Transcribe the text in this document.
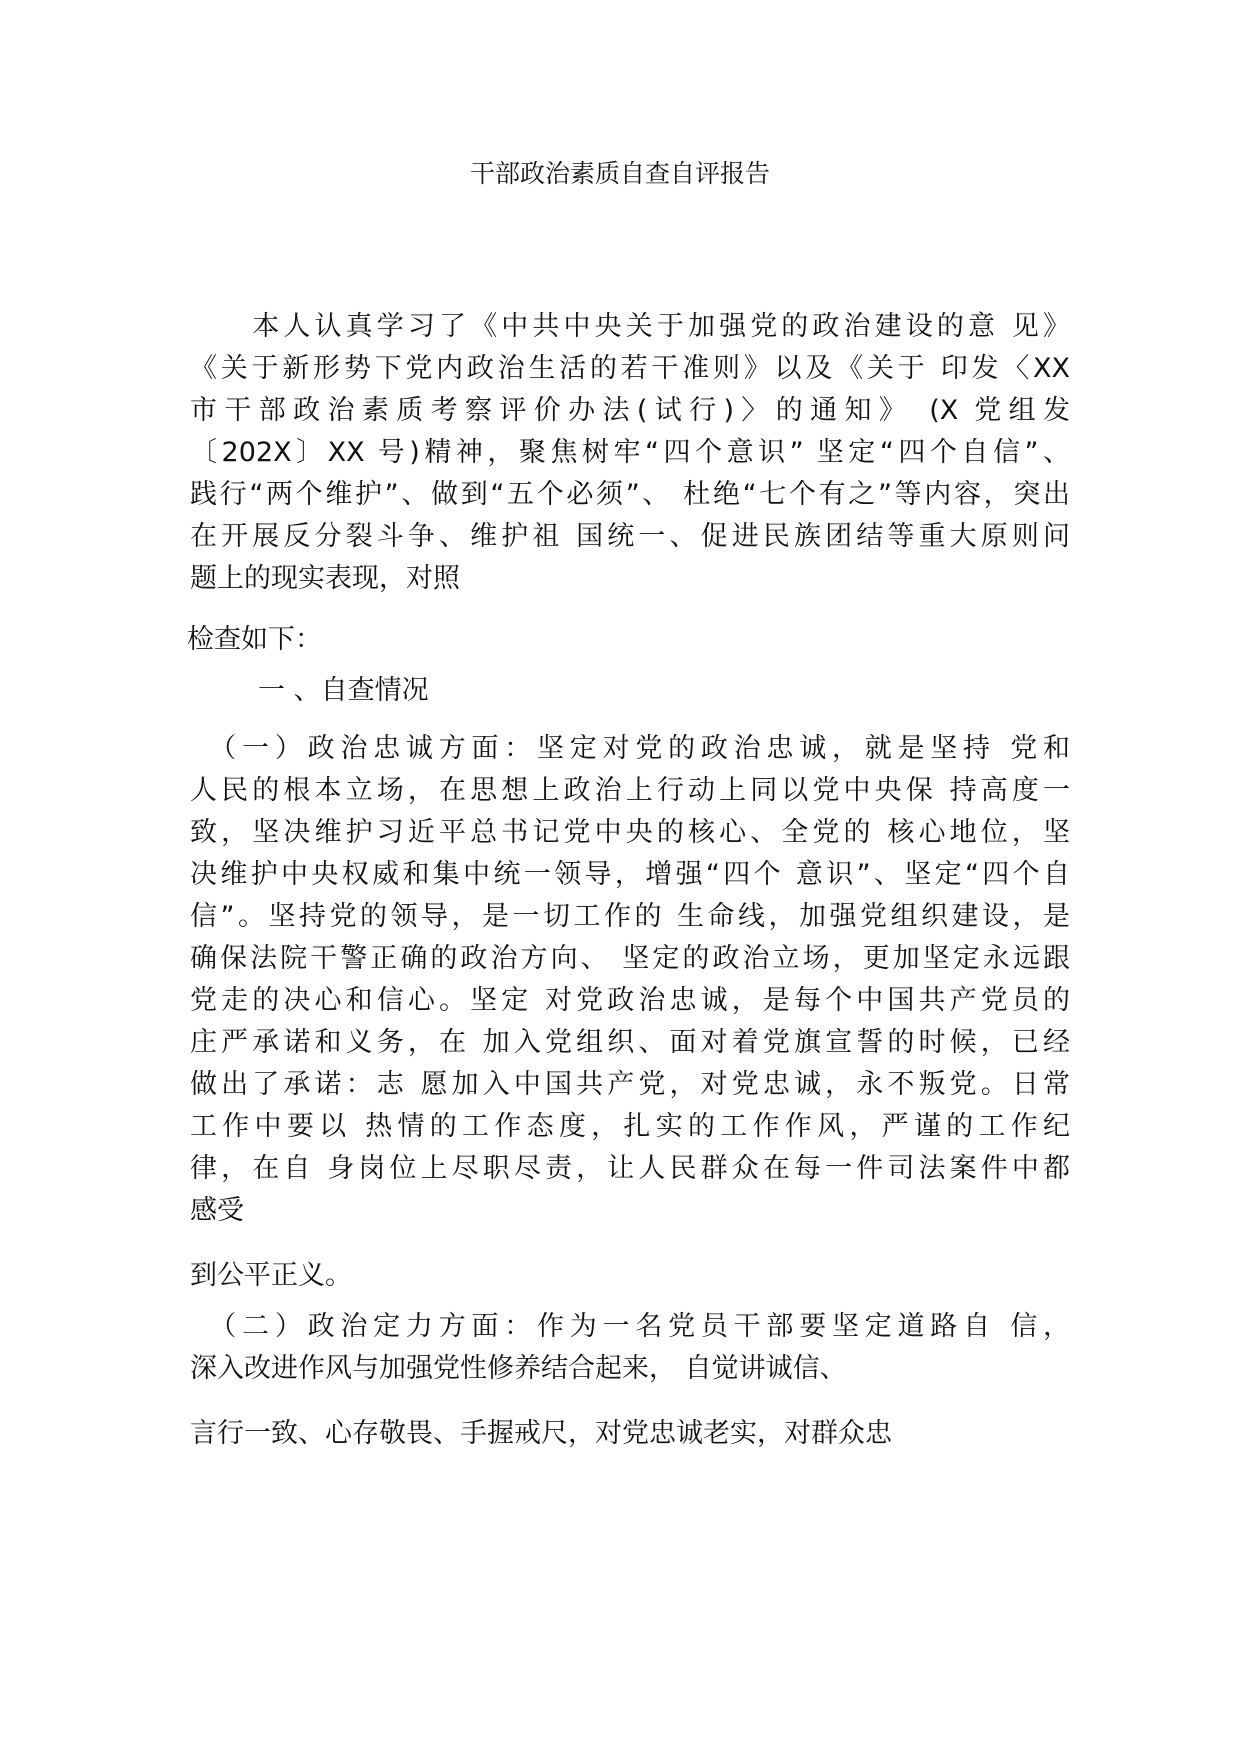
干部政治素质自查自评报告
　　本人认真学习了《中共中央关于加强党的政治建设的意 见》
《关于新形势下党内政治生活的若干准则》以及《关于 印发〈XX
市干部政治素质考察评价办法(试行)〉的通知》 (X 党组发
〔202X〕XX 号)精神，聚焦树牢“四个意识” 坚定“四个自信”、
践行“两个维护”、做到“五个必须”、 杜绝“七个有之”等内容，突出
在开展反分裂斗争、维护祖 国统一、促进民族团结等重大原则问
题上的现实表现，对照
检查如下：
一 、自查情况
　（一）政治忠诚方面：坚定对党的政治忠诚，就是坚持 党和
人民的根本立场，在思想上政治上行动上同以党中央保 持高度一
致，坚决维护习近平总书记党中央的核心、全党的 核心地位，坚
决维护中央权威和集中统一领导，增强“四个 意识”、坚定“四个自
信”。坚持党的领导，是一切工作的 生命线，加强党组织建设，是
确保法院干警正确的政治方向、 坚定的政治立场，更加坚定永远跟
党走的决心和信心。坚定 对党政治忠诚，是每个中国共产党员的
庄严承诺和义务，在 加入党组织、面对着党旗宣誓的时候，已经
做出了承诺：志 愿加入中国共产党，对党忠诚，永不叛党。日常
工作中要以 热情的工作态度，扎实的工作作风，严谨的工作纪
律，在自 身岗位上尽职尽责，让人民群众在每一件司法案件中都
感受
到公平正义。
　（二）政治定力方面：作为一名党员干部要坚定道路自 信，
深入改进作风与加强党性修养结合起来， 自觉讲诚信、
言行一致、心存敬畏、手握戒尺，对党忠诚老实，对群众忠
